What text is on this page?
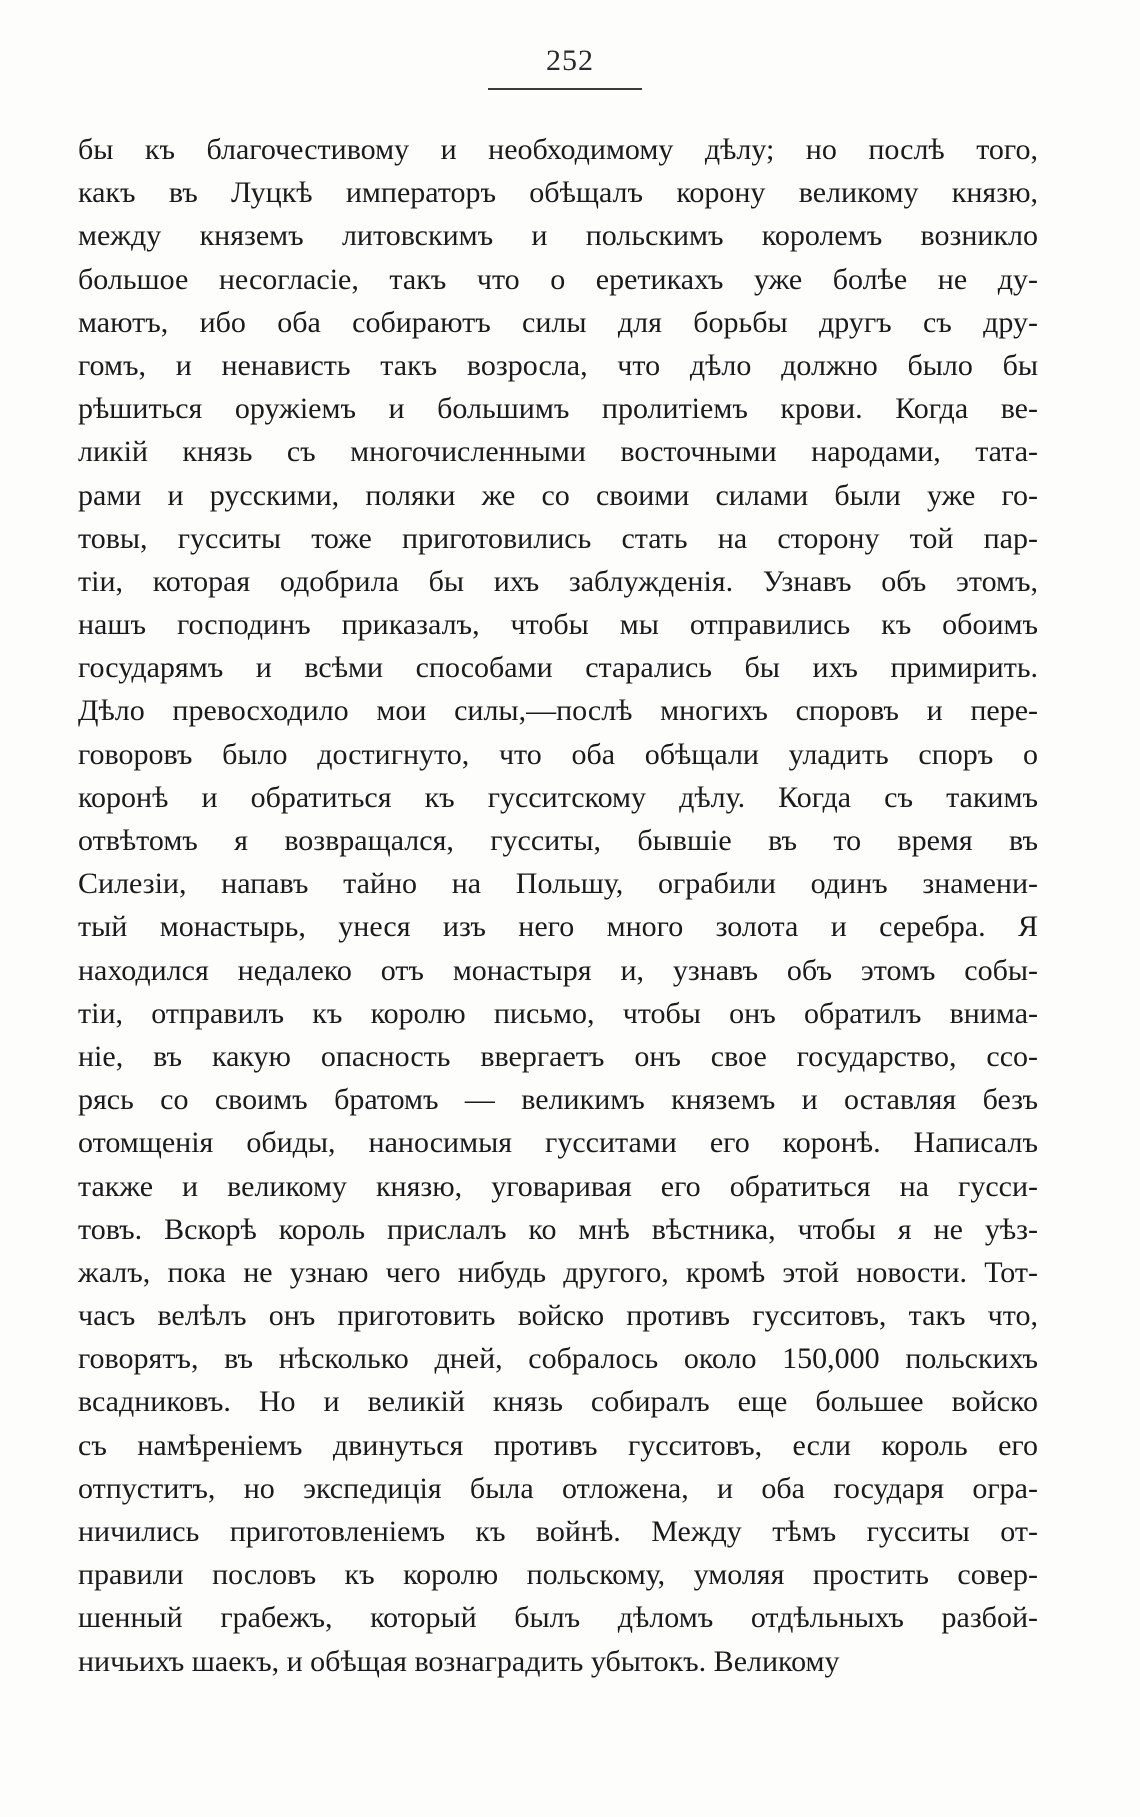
252
бы къ благочестивому и необходимому дѣлу; но послѣ того,
какъ въ Луцкѣ императоръ обѣщалъ корону великому князю,
между княземъ литовскимъ и польскимъ королемъ возникло
большое несогласіе, такъ что о еретикахъ уже болѣе не ду-
маютъ, ибо оба собираютъ силы для борьбы другъ съ дру-
гомъ, и ненависть такъ возросла, что дѣло должно было бы
рѣшиться оружіемъ и большимъ пролитіемъ крови. Когда ве-
ликій князь съ многочисленными восточными народами, тата-
рами и русскими, поляки же со своими силами были уже го-
товы, гусситы тоже приготовились стать на сторону той пар-
тіи, которая одобрила бы ихъ заблужденія. Узнавъ объ этомъ,
нашъ господинъ приказалъ, чтобы мы отправились къ обоимъ
государямъ и всѣми способами старались бы ихъ примирить.
Дѣло превосходило мои силы,—послѣ многихъ споровъ и пере-
говоровъ было достигнуто, что оба обѣщали уладить споръ о
коронѣ и обратиться къ гусситскому дѣлу. Когда съ такимъ
отвѣтомъ я возвращался, гусситы, бывшіе въ то время въ
Силезіи, напавъ тайно на Польшу, ограбили одинъ знамени-
тый монастырь, унеся изъ него много золота и серебра. Я
находился недалеко отъ монастыря и, узнавъ объ этомъ собы-
тіи, отправилъ къ королю письмо, чтобы онъ обратилъ внима-
ніе, въ какую опасность ввергаетъ онъ свое государство, ссо-
рясь со своимъ братомъ — великимъ княземъ и оставляя безъ
отомщенія обиды, наносимыя гусситами его коронѣ. Написалъ
также и великому князю, уговаривая его обратиться на гусси-
товъ. Вскорѣ король прислалъ ко мнѣ вѣстника, чтобы я не уѣз-
жалъ, пока не узнаю чего нибудь другого, кромѣ этой новости. Тот-
часъ велѣлъ онъ приготовить войско противъ гусситовъ, такъ что,
говорятъ, въ нѣсколько дней, собралось около 150,000 польскихъ
всадниковъ. Но и великій князь собиралъ еще большее войско
съ намѣреніемъ двинуться противъ гусситовъ, если король его
отпуститъ, но экспедиція была отложена, и оба государя огра-
ничились приготовленіемъ къ войнѣ. Между тѣмъ гусситы от-
правили пословъ къ королю польскому, умоляя простить совер-
шенный грабежъ, который былъ дѣломъ отдѣльныхъ разбой-
ничьихъ шаекъ, и обѣщая вознаградить убытокъ. Великому
